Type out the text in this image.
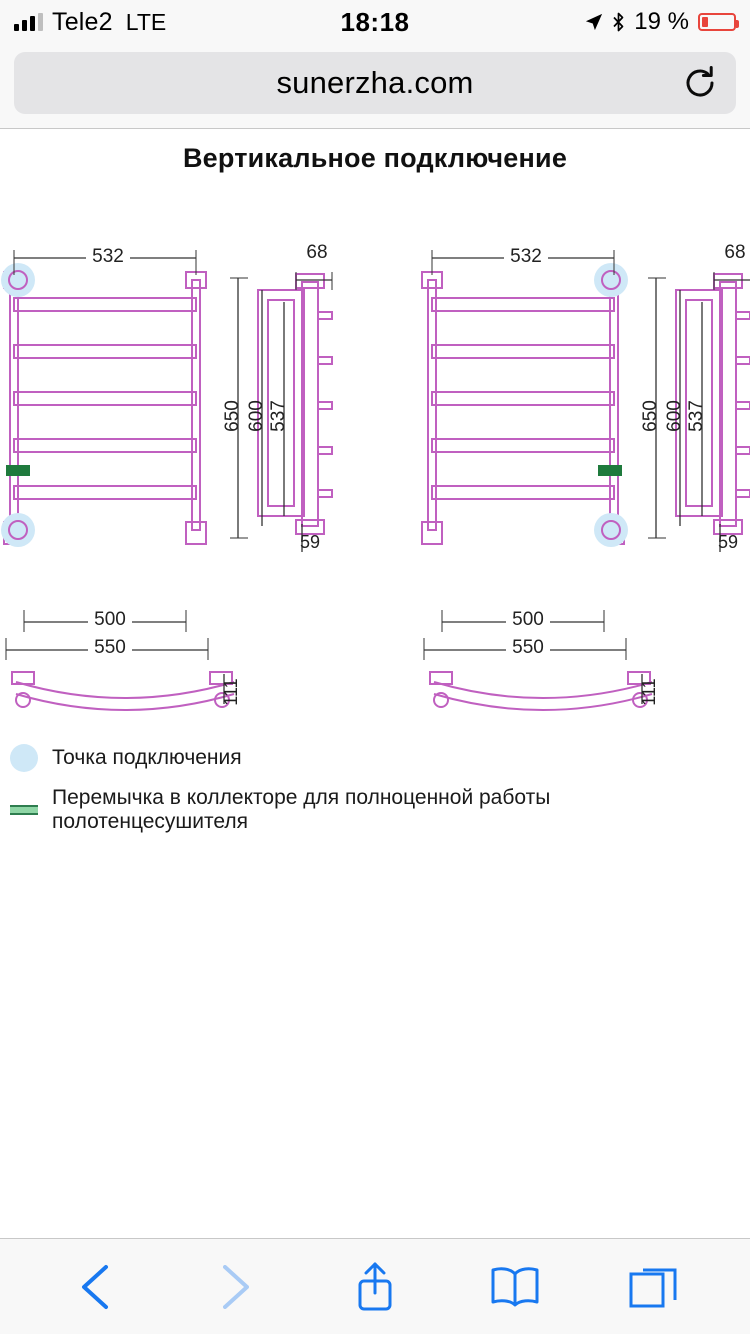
Tele2 LTE	18:18	19 %
sunerzha.com
Вертикальное подключение
532
500
550
68
650 600 537
59
111
532
500
550
68
650 600 537
59
111
Точка подключения
Перемычка в коллекторе для полноценной работы полотенцесушителя
